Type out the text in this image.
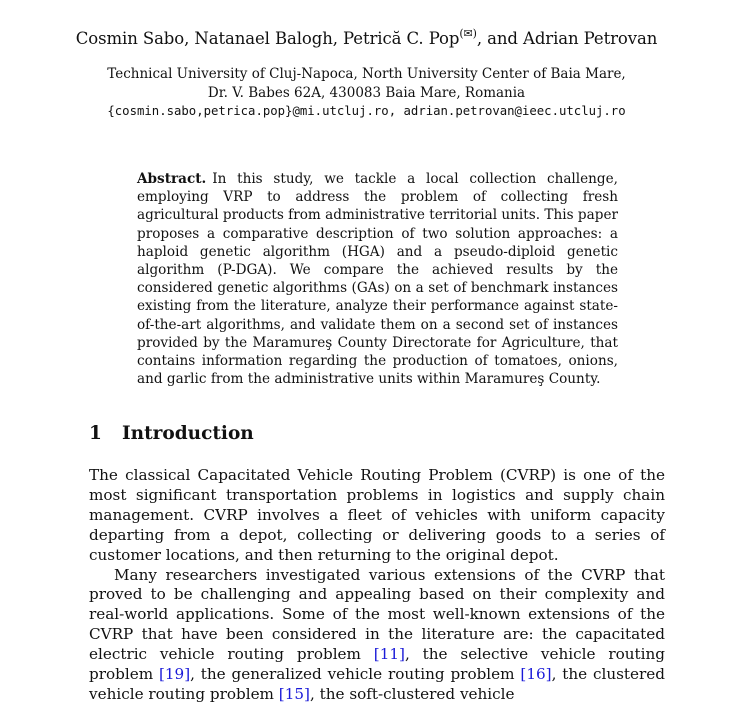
Cosmin Sabo, Natanael Balogh, Petrică C. Pop(✉), and Adrian Petrovan
Technical University of Cluj-Napoca, North University Center of Baia Mare,
Dr. V. Babes 62A, 430083 Baia Mare, Romania
{cosmin.sabo,petrica.pop}@mi.utcluj.ro, adrian.petrovan@ieec.utcluj.ro
Abstract. In this study, we tackle a local collection challenge, employing VRP to address the problem of collecting fresh agricultural products from administrative territorial units. This paper proposes a comparative description of two solution approaches: a haploid genetic algorithm (HGA) and a pseudo-diploid genetic algorithm (P-DGA). We compare the achieved results by the considered genetic algorithms (GAs) on a set of benchmark instances existing from the literature, analyze their performance against state-of-the-art algorithms, and validate them on a second set of instances provided by the Maramureş County Directorate for Agriculture, that contains information regarding the production of tomatoes, onions, and garlic from the administrative units within Maramureş County.
1 Introduction

The classical Capacitated Vehicle Routing Problem (CVRP) is one of the most significant transportation problems in logistics and supply chain management. CVRP involves a fleet of vehicles with uniform capacity departing from a depot, collecting or delivering goods to a series of customer locations, and then returning to the original depot.

Many researchers investigated various extensions of the CVRP that proved to be challenging and appealing based on their complexity and real-world applications. Some of the most well-known extensions of the CVRP that have been considered in the literature are: the capacitated electric vehicle routing problem [11], the selective vehicle routing problem [19], the generalized vehicle routing problem [16], the clustered vehicle routing problem [15], the soft-clustered vehicle
